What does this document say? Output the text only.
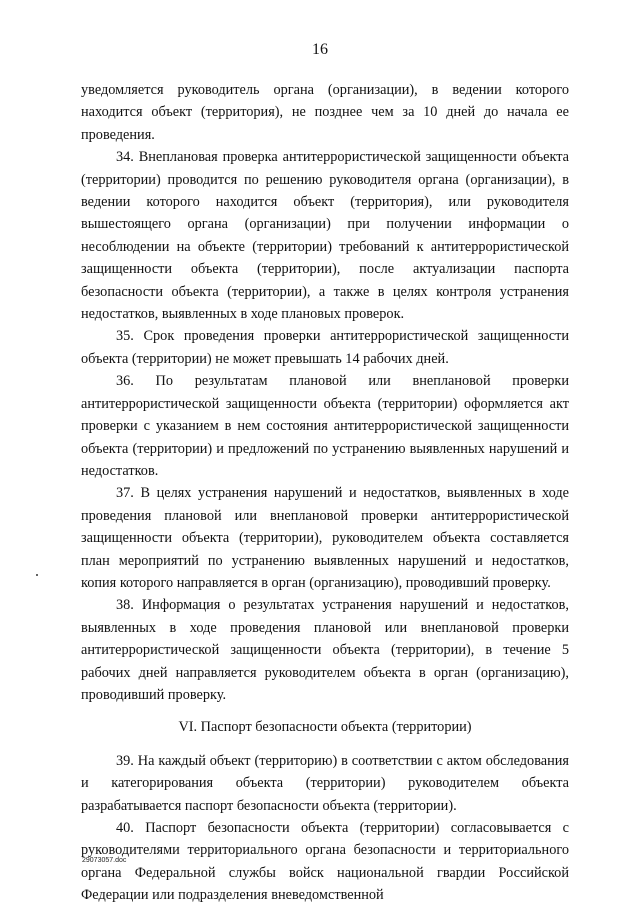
16

уведомляется руководитель органа (организации), в ведении которого находится объект (территория), не позднее чем за 10 дней до начала ее проведения.

34. Внеплановая проверка антитеррористической защищенности объекта (территории) проводится по решению руководителя органа (организации), в ведении которого находится объект (территория), или руководителя вышестоящего органа (организации) при получении информации о несоблюдении на объекте (территории) требований к антитеррористической защищенности объекта (территории), после актуализации паспорта безопасности объекта (территории), а также в целях контроля устранения недостатков, выявленных в ходе плановых проверок.

35. Срок проведения проверки антитеррористической защищенности объекта (территории) не может превышать 14 рабочих дней.

36. По результатам плановой или внеплановой проверки антитеррористической защищенности объекта (территории) оформляется акт проверки с указанием в нем состояния антитеррористической защищенности объекта (территории) и предложений по устранению выявленных нарушений и недостатков.

37. В целях устранения нарушений и недостатков, выявленных в ходе проведения плановой или внеплановой проверки антитеррористической защищенности объекта (территории), руководителем объекта составляется план мероприятий по устранению выявленных нарушений и недостатков, копия которого направляется в орган (организацию), проводивший проверку.

38. Информация о результатах устранения нарушений и недостатков, выявленных в ходе проведения плановой или внеплановой проверки антитеррористической защищенности объекта (территории), в течение 5 рабочих дней направляется руководителем объекта в орган (организацию), проводивший проверку.

VI. Паспорт безопасности объекта (территории)

39. На каждый объект (территорию) в соответствии с актом обследования и категорирования объекта (территории) руководителем объекта разрабатывается паспорт безопасности объекта (территории).

40. Паспорт безопасности объекта (территории) согласовывается с руководителями территориального органа безопасности и территориального органа Федеральной службы войск национальной гвардии Российской Федерации или подразделения вневедомственной

29073057.doc
